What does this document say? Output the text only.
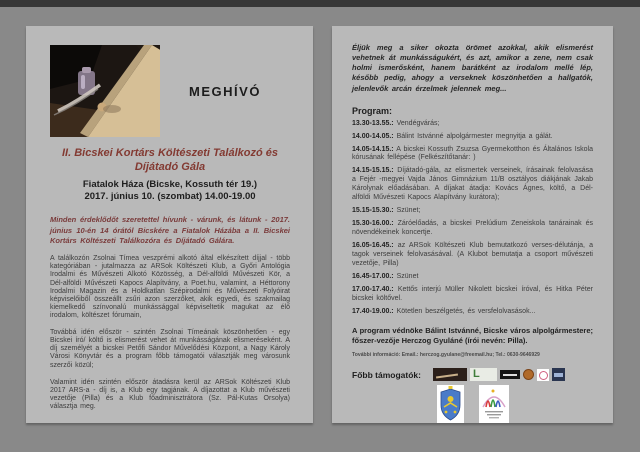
MEGHÍVÓ
II. Bicskei Kortárs Költészeti Találkozó és Díjátadó Gála
Fiatalok Háza (Bicske, Kossuth tér 19.)
2017. június 10. (szombat) 14.00-19.00

Minden érdeklődőt szeretettel hívunk - várunk, és látunk - 2017. június 10-én 14 órától Bicskére a Fiatalok Házába a II. Bicskei Kortárs Költészeti Találkozóra és Díjátadó Gálára.

A találkozón Zsolnai Tímea veszprémi alkotó által elkészített díjjal - több kategóriában - jutalmazza az ARSok Költészeti Klub, a Győri Antológia Irodalmi és Művészeti Alkotó Közösség, a Dél-alföldi Művészeti Kör, a Dél-alföldi Művészeti Kapocs Alapítvány, a Poet.hu, valamint, a Héttorony Irodalmi Magazin és a Holdkatlan Szépirodalmi és Művészeti Folyóirat képviselőiből összeállt zsűri azon szerzőket, akik egyedi, és szakmailag kiemelkedő színvonalú munkássággal képviseltetik magukat az élő irodalom, költészet fórumain,

Továbbá idén először - szintén Zsolnai Tímeának köszönhetően - egy Bicskei író/ költő is elismerést vehet át munkásságának elismeréseként. A díj személyét a bicskei Petőfi Sándor Művelődési Központ, a Nagy Károly Városi Könyvtár és a program főbb támogatói választják meg városunk szerzői közül;

Valamint idén szintén először átadásra kerül az ARSok Költészeti Klub 2017 ARS-a - díj is, a Klub egy tagjának. A díjazottat a Klub művészeti vezetője (Pilla) és a Klub főadminisztrátora (Sz. Pál-Kutas Orsolya) választja meg.

Éljük meg a siker okozta örömet azokkal, akik elismerést vehetnek át munkásságukért, és azt, amikor a zene, nem csak holmi ismerősként, hanem barátként az irodalom mellé lép, később pedig, ahogy a verseknek köszönhetően a hallgatók, jelenlevők arcán érzelmek jelennek meg...

Program:

13.30-13.55.: Vendégvárás;

14.00-14.05.: Bálint Istvánné alpolgármester megnyitja a gálát.

14.05-14.15.: A bicskei Kossuth Zsuzsa Gyermekotthon és Általános Iskola kórusának fellépése (Felkészítőtanár: )

14.15-15.15.: Díjátadó-gála, az elismertek verseinek, írásainak felolvasása a Fejér -megyei Vajda János Gimnázium 11/B osztályos diákjának Jakab Károlynak előadásában. A díjakat átadja: Kovács Ágnes, költő, a Dél-alföldi Művészeti Kapocs Alapítvány kurátora);

15.15-15.30.: Szünet;

15.30-16.00.: Záróelőadás, a bicskei Prelúdium Zeneiskola tanárainak és növendékeinek koncertje.

16.05-16.45.: az ARSok Költészeti Klub bemutatkozó verses-délutánja, a tagok verseinek felolvasásával. (A Klubot bemutatja a csoport művészeti vezetője, Pilla)

16.45-17.00.: Szünet

17.00-17.40.: Kettős interjú Müller Nikolett bicskei íróval, és Hitka Péter bicskei költővel.

17.40-19.00.: Kötetlen beszélgetés, és versfelolvasások...

A program védnöke Bálint Istvánné, Bicske város alpolgármestere; főszer-vezője Herczog Gyuláné (írói nevén: Pilla).

További információ: Email.: herczog.gyulane@freemail.hu; Tel.: 0630-9646929

Főbb támogatók:	L
